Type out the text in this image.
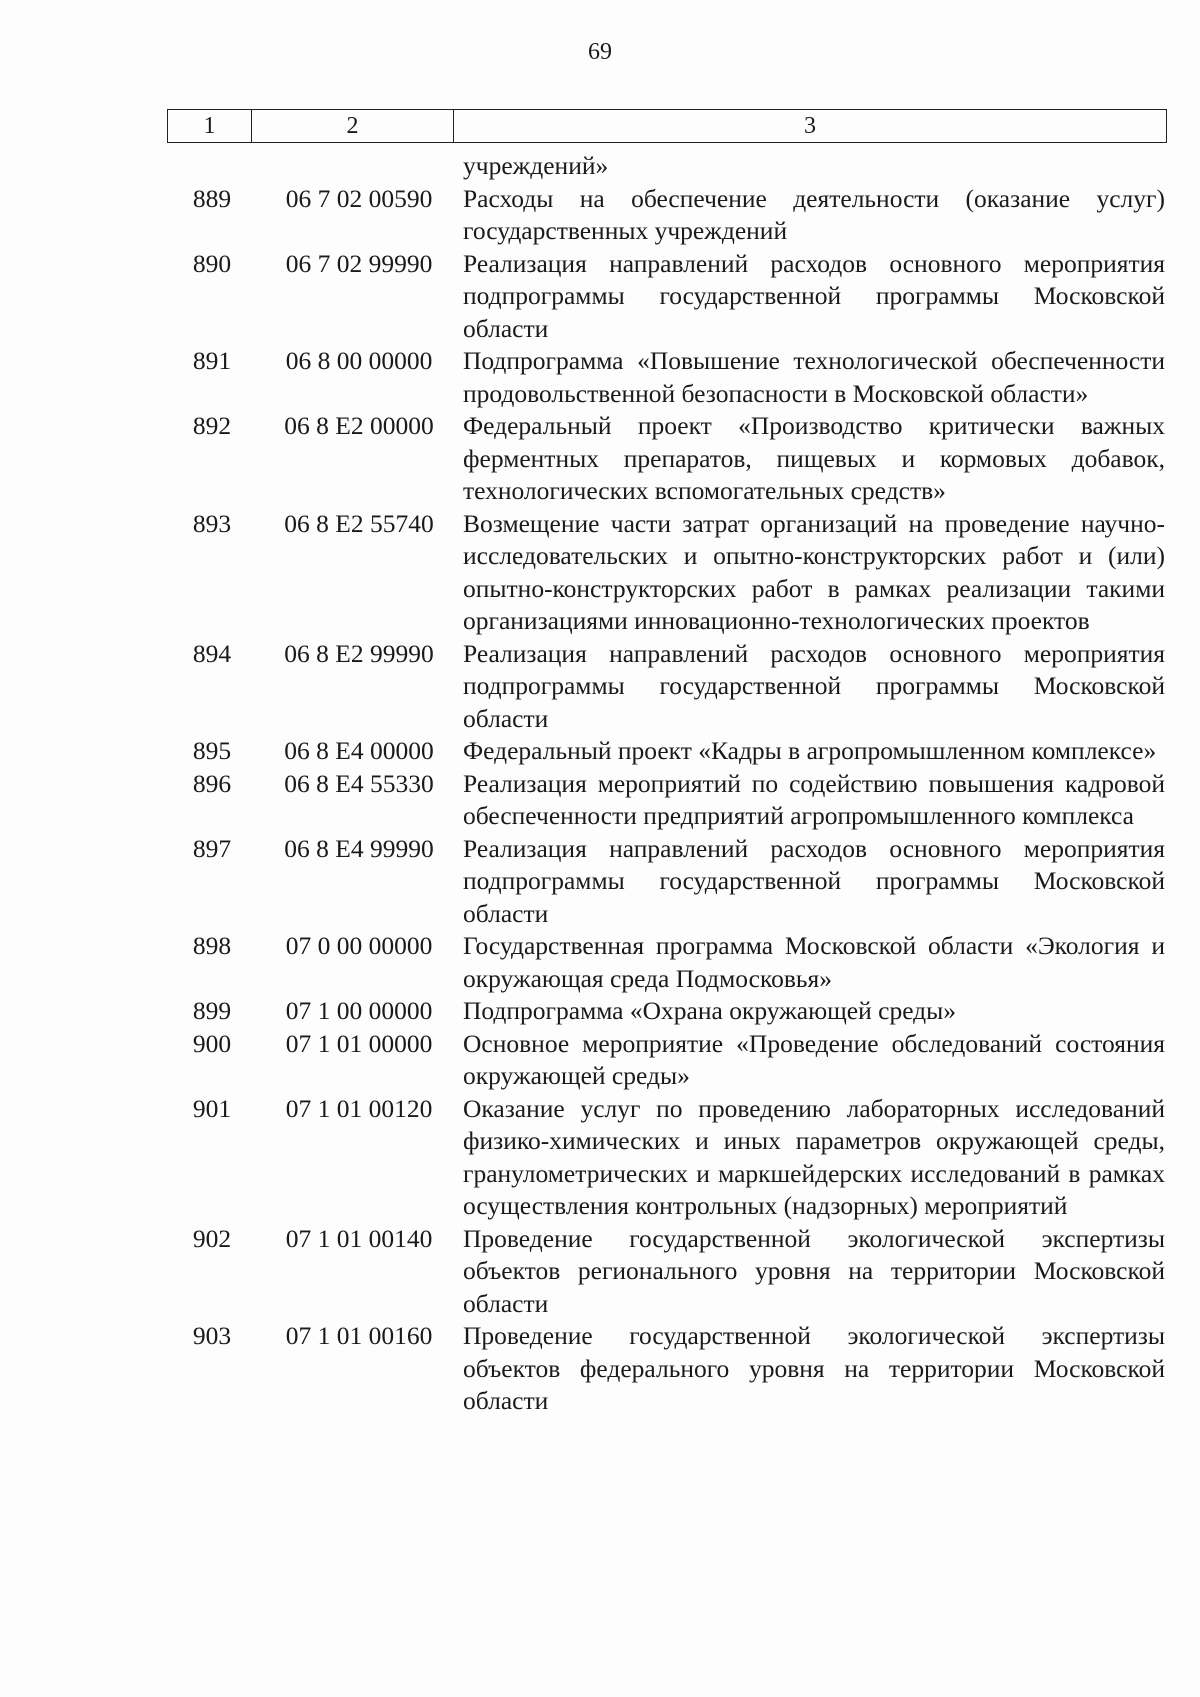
69
1	2	3
учреждений»
889	06 7 02 00590	Расходы на обеспечение деятельности (оказание услуг) государственных учреждений
890	06 7 02 99990	Реализация направлений расходов основного мероприятия подпрограммы государственной программы Московской области
891	06 8 00 00000	Подпрограмма «Повышение технологической обеспеченности продовольственной безопасности в Московской области»
892	06 8 E2 00000	Федеральный проект «Производство критически важных ферментных препаратов, пищевых и кормовых добавок, технологических вспомогательных средств»
893	06 8 E2 55740	Возмещение части затрат организаций на проведение научно-исследовательских и опытно-конструкторских работ и (или) опытно-конструкторских работ в рамках реализации такими организациями инновационно-технологических проектов
894	06 8 E2 99990	Реализация направлений расходов основного мероприятия подпрограммы государственной программы Московской области
895	06 8 E4 00000	Федеральный проект «Кадры в агропромышленном комплексе»
896	06 8 E4 55330	Реализация мероприятий по содействию повышения кадровой обеспеченности предприятий агропромышленного комплекса
897	06 8 E4 99990	Реализация направлений расходов основного мероприятия подпрограммы государственной программы Московской области
898	07 0 00 00000	Государственная программа Московской области «Экология и окружающая среда Подмосковья»
899	07 1 00 00000	Подпрограмма «Охрана окружающей среды»
900	07 1 01 00000	Основное мероприятие «Проведение обследований состояния окружающей среды»
901	07 1 01 00120	Оказание услуг по проведению лабораторных исследований физико-химических и иных параметров окружающей среды, гранулометрических и маркшейдерских исследований в рамках осуществления контрольных (надзорных) мероприятий
902	07 1 01 00140	Проведение государственной экологической экспертизы объектов регионального уровня на территории Московской области
903	07 1 01 00160	Проведение государственной экологической экспертизы объектов федерального уровня на территории Московской области
